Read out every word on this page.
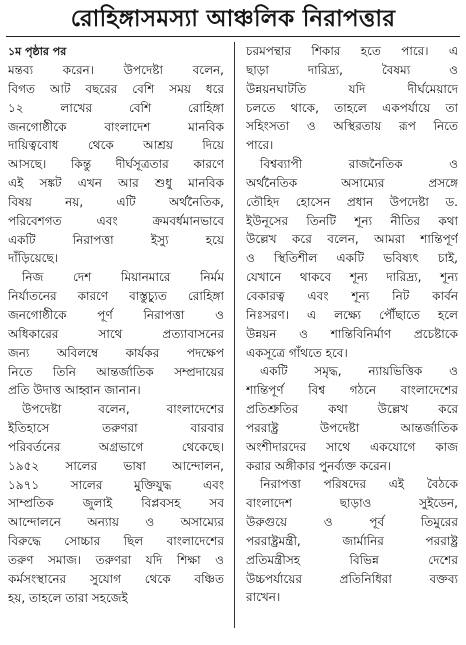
রোহিঙ্গাসমস্যা আঞ্চলিক নিরাপত্তার
১ম পৃষ্ঠার পর
মন্তব্য করেন। উপদেষ্টা বলেন,
বিগত আট বছরের বেশি সময় ধরে
১২ লাখের বেশি রোহিঙ্গা
জনগোষ্ঠীকে বাংলাদেশ মানবিক
দায়িত্ববোধ থেকে আশ্রয় দিয়ে
আসছে। কিন্তু দীর্ঘসূত্রতার কারণে
এই সঙ্কট এখন আর শুধু মানবিক
বিষয় নয়, এটি অর্থনৈতিক,
পরিবেশগত এবং ক্রমবর্ধমানভাবে
একটি নিরাপত্তা ইস্যু হয়ে
দাঁড়িয়েছে।
নিজ দেশ মিয়ানমারে নির্মম
নির্যাতনের কারণে বাস্তুচ্যুত রোহিঙ্গা
জনগোষ্ঠীকে পূর্ণ নিরাপত্তা ও
অধিকারের সাথে প্রত্যাবাসনের
জন্য অবিলম্বে কার্যকর পদক্ষেপ
নিতে তিনি আন্তর্জাতিক সম্প্রদায়ের
প্রতি উদাত্ত আহ্বান জানান।
উপদেষ্টা বলেন, বাংলাদেশের
ইতিহাসে তরুণরা বারবার
পরিবর্তনের অগ্রভাগে থেকেছে।
১৯৫২ সালের ভাষা আন্দোলন,
১৯৭১ সালের মুক্তিযুদ্ধ এবং
সাম্প্রতিক জুলাই বিপ্লবসহ সব
আন্দোলনে অন্যায় ও অসাম্যের
বিরুদ্ধে সোচ্চার ছিল বাংলাদেশের
তরুণ সমাজ। তরুণরা যদি শিক্ষা ও
কর্মসংস্থানের সুযোগ থেকে বঞ্চিত
হয়, তাহলে তারা সহজেই
চরমপন্থার শিকার হতে পারে। এ
ছাড়া দারিদ্র্য, বৈষম্য ও
উন্নয়নঘাটতি যদি দীর্ঘমেয়াদে
চলতে থাকে, তাহলে একপর্যায়ে তা
সহিংসতা ও অস্থিরতায় রূপ নিতে
পারে।
বিশ্বব্যাপী রাজনৈতিক ও
অর্থনৈতিক অসাম্যের প্রসঙ্গে
তৌহিদ হোসেন প্রধান উপদেষ্টা ড.
ইউনূসের তিনটি শূন্য নীতির কথা
উল্লেখ করে বলেন, আমরা শান্তিপূর্ণ
ও স্থিতিশীল একটি ভবিষ্যৎ চাই,
যেখানে থাকবে শূন্য দারিদ্র্য, শূন্য
বেকারত্ব এবং শূন্য নিট কার্বন
নিঃসরণ। এ লক্ষ্যে পৌঁছাতে হলে
উন্নয়ন ও শান্তিবিনির্মাণ প্রচেষ্টাকে
একসূত্রে গাঁথতে হবে।
একটি সমৃদ্ধ, ন্যায়ভিত্তিক ও
শান্তিপূর্ণ বিশ্ব গঠনে বাংলাদেশের
প্রতিশ্রুতির কথা উল্লেখ করে
পররাষ্ট্র উপদেষ্টা আন্তর্জাতিক
অংশীদারদের সাথে একযোগে কাজ
করার অঙ্গীকার পুনর্ব্যক্ত করেন।
নিরাপত্তা পরিষদের এই বৈঠকে
বাংলাদেশ ছাড়াও সুইডেন,
উরুগুয়ে ও পূর্ব তিমুরের
পররাষ্ট্রমন্ত্রী, জার্মানির পররাষ্ট্র
প্রতিমন্ত্রীসহ বিভিন্ন দেশের
উচ্চপর্যায়ের প্রতিনিধিরা বক্তব্য
রাখেন।
